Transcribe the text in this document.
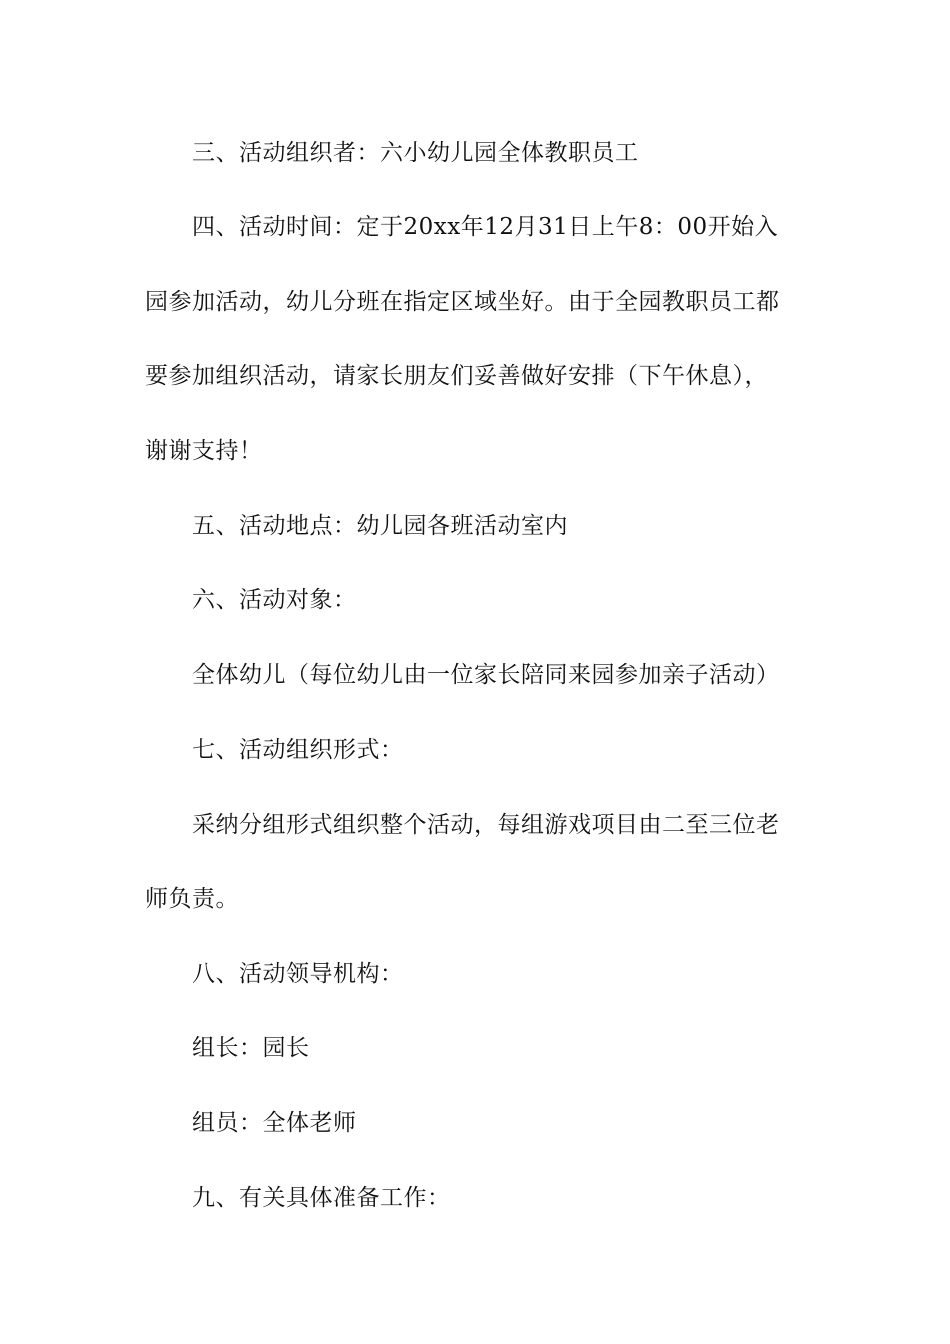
三、活动组织者：六小幼儿园全体教职员工

四、活动时间：定于20xx年12月31日上午8：00开始入

园参加活动，幼儿分班在指定区域坐好。由于全园教职员工都

要参加组织活动，请家长朋友们妥善做好安排（下午休息），

谢谢支持！

五、活动地点：幼儿园各班活动室内

六、活动对象：

全体幼儿（每位幼儿由一位家长陪同来园参加亲子活动）

七、活动组织形式：

采纳分组形式组织整个活动，每组游戏项目由二至三位老

师负责。

八、活动领导机构：

组长：园长

组员：全体老师

九、有关具体准备工作：
